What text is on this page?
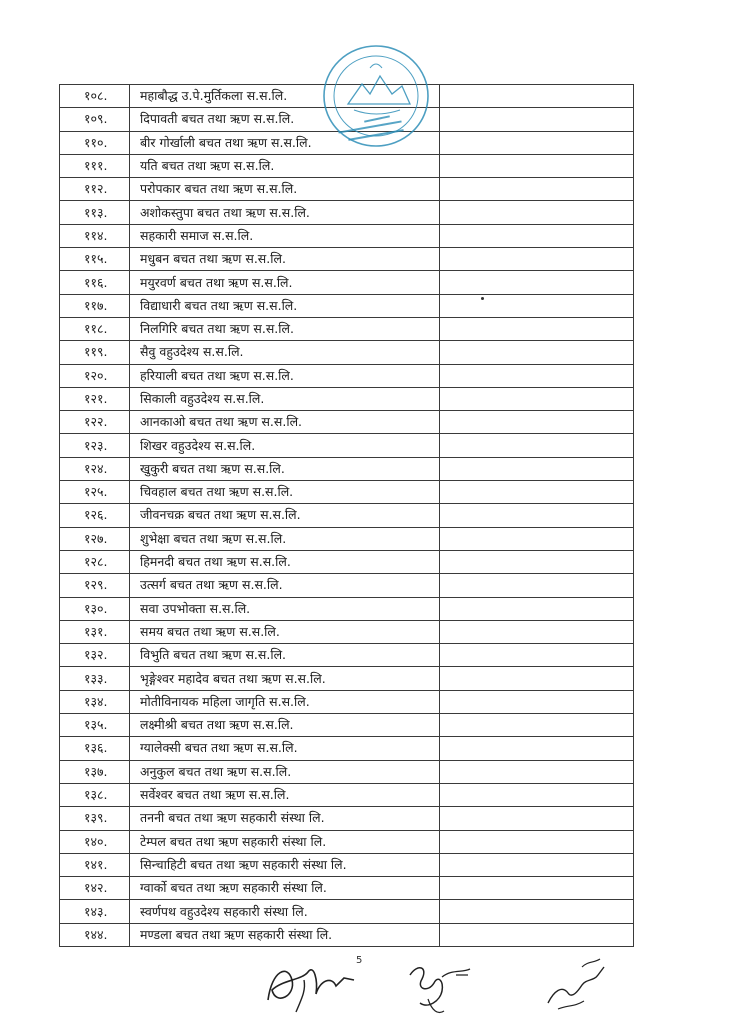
१०८.	महाबौद्ध उ.पे.मुर्तिकला स.स.लि.	
१०९.	दिपावती बचत तथा ऋण स.स.लि.	
११०.	बीर गोर्खाली बचत तथा ऋण स.स.लि.	
१११.	यति बचत तथा ऋण स.स.लि.	
११२.	परोपकार बचत तथा ऋण स.स.लि.	
११३.	अशोकस्तुपा बचत तथा ऋण स.स.लि.	
११४.	सहकारी समाज स.स.लि.	
११५.	मधुबन बचत तथा ऋण स.स.लि.	
११६.	मयुरवर्ण बचत तथा ऋण स.स.लि.	
११७.	विद्याधारी बचत तथा ऋण स.स.लि.	
११८.	निलगिरि बचत तथा ऋण स.स.लि.	
११९.	सैवु वहुउदेश्य स.स.लि.	
१२०.	हरियाली बचत तथा ऋण स.स.लि.	
१२१.	सिकाली वहुउदेश्य स.स.लि.	
१२२.	आनकाओ बचत तथा ऋण स.स.लि.	
१२३.	शिखर वहुउदेश्य स.स.लि.	
१२४.	खुकुरी बचत तथा ऋण स.स.लि.	
१२५.	चिवहाल बचत तथा ऋण स.स.लि.	
१२६.	जीवनचक्र बचत तथा ऋण स.स.लि.	
१२७.	शुभेक्षा बचत तथा ऋण स.स.लि.	
१२८.	हिमनदी बचत तथा ऋण स.स.लि.	
१२९.	उत्सर्ग बचत तथा ऋण स.स.लि.	
१३०.	सवा उपभोक्ता स.स.लि.	
१३१.	समय बचत तथा ऋण स.स.लि.	
१३२.	विभुति बचत तथा ऋण स.स.लि.	
१३३.	भृङ्गेश्वर महादेव बचत तथा ऋण स.स.लि.	
१३४.	मोतीविनायक महिला जागृति स.स.लि.	
१३५.	लक्ष्मीश्री बचत तथा ऋण स.स.लि.	
१३६.	ग्यालेक्सी बचत तथा ऋण स.स.लि.	
१३७.	अनुकुल बचत तथा ऋण स.स.लि.	
१३८.	सर्वेश्वर बचत तथा ऋण स.स.लि.	
१३९.	तननी बचत तथा ऋण सहकारी संस्था लि.	
१४०.	टेम्पल बचत तथा ऋण सहकारी संस्था लि.	
१४१.	सिन्चाहिटी बचत तथा ऋण सहकारी संस्था लि.	
१४२.	ग्वार्को बचत तथा ऋण सहकारी संस्था लि.	
१४३.	स्वर्णपथ वहुउदेश्य सहकारी संस्था लि.	
१४४.	मण्डला बचत तथा ऋण सहकारी संस्था लि.	
5
